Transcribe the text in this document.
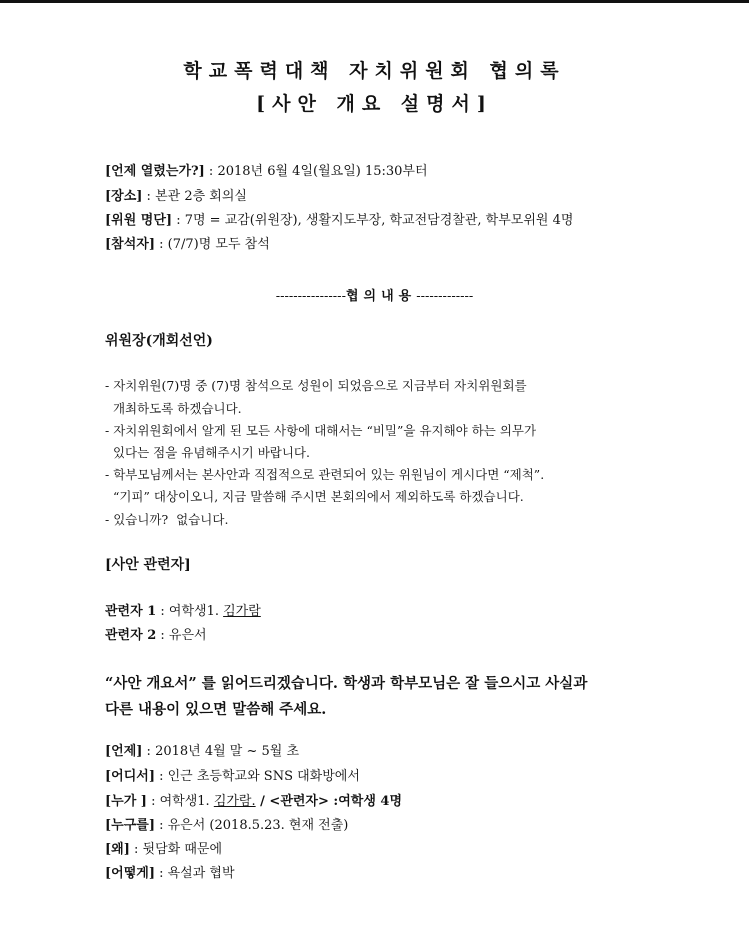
학교폭력대책 자치위원회 협의록
[사안 개요 설명서]
[언제 열렸는가?] : 2018년 6월 4일(월요일) 15:30부터
[장소] : 본관 2층 회의실
[위원 명단] : 7명 = 교감(위원장), 생활지도부장, 학교전담경찰관, 학부모위원 4명
[참석자] : (7/7)명 모두 참석
----------------협의내용-------------
위원장(개회선언)
- 자치위원(7)명 중 (7)명 참석으로 성원이 되었음으로 지금부터 자치위원회를
개최하도록 하겠습니다.
- 자치위원회에서 알게 된 모든 사항에 대해서는 “비밀”을 유지해야 하는 의무가
있다는 점을 유념해주시기 바랍니다.
- 학부모님께서는 본사안과 직접적으로 관련되어 있는 위원님이 게시다면 “제척”.
“기피” 대상이오니, 지금 말씀해 주시면 본회의에서 제외하도록 하겠습니다.
- 있습니까?  없습니다.
[사안 관련자]
관련자 1 : 여학생1. 김가람
관련자 2 : 유은서
“사안 개요서” 를 읽어드리겠습니다. 학생과 학부모님은 잘 들으시고 사실과
다른 내용이 있으면 말씀해 주세요.
[언제] : 2018년 4월 말 ~ 5월 초
[어디서] : 인근 초등학교와 SNS 대화방에서
[누가 ] : 여학생1. 김가람. / <관련자> :여학생 4명
[누구를] : 유은서 (2018.5.23. 현재 전출)
[왜] : 뒷담화 때문에
[어떻게] : 욕설과 협박
